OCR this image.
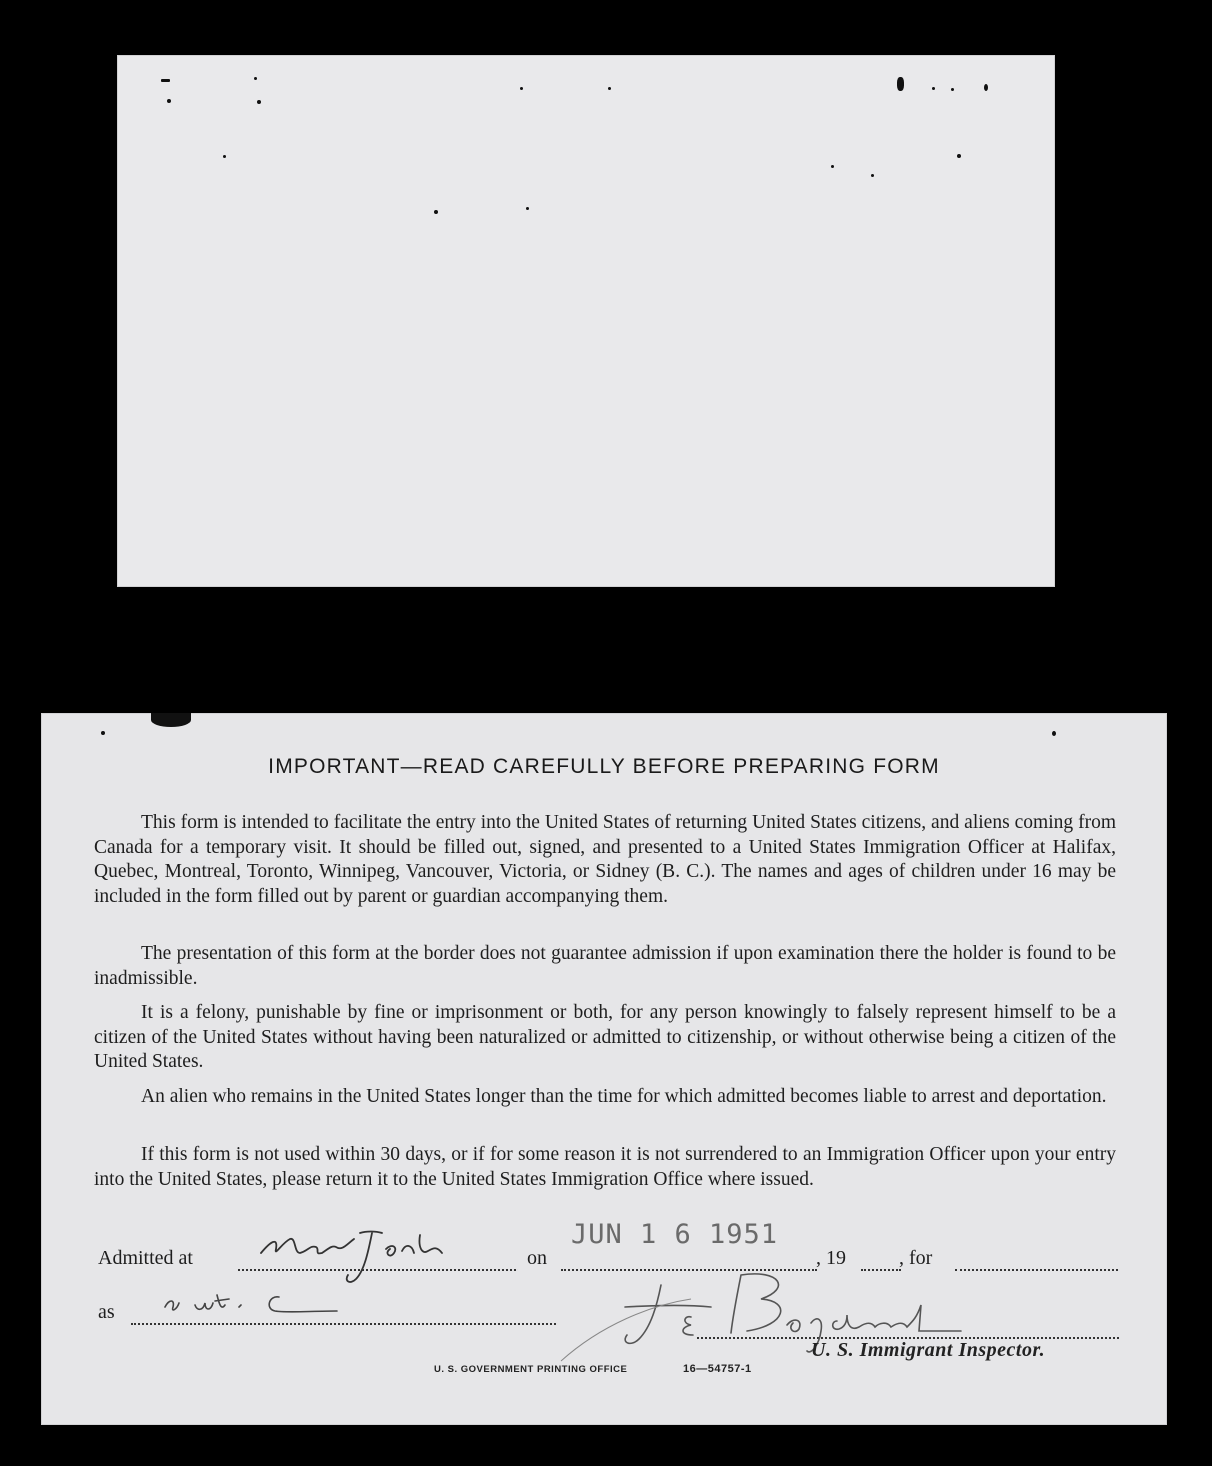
IMPORTANT—READ CAREFULLY BEFORE PREPARING FORM

This form is intended to facilitate the entry into the United States of returning United States citizens, and aliens coming from Canada for a temporary visit. It should be filled out, signed, and presented to a United States Immigration Officer at Halifax, Quebec, Montreal, Toronto, Winnipeg, Vancouver, Victoria, or Sidney (B. C.). The names and ages of children under 16 may be included in the form filled out by parent or guardian accompanying them.

The presentation of this form at the border does not guarantee admission if upon examination there the holder is found to be inadmissible.

It is a felony, punishable by fine or imprisonment or both, for any person knowingly to falsely represent himself to be a citizen of the United States without having been naturalized or admitted to citizenship, or without otherwise being a citizen of the United States.

An alien who remains in the United States longer than the time for which admitted becomes liable to arrest and deportation.

If this form is not used within 30 days, or if for some reason it is not surrendered to an Immigration Officer upon your entry into the United States, please return it to the United States Immigration Office where issued.

Admitted at	on	, 19	, for
JUN 1 6 1951
as
U. S. Immigrant Inspector.
U. S. GOVERNMENT PRINTING OFFICE	16—54757-1
